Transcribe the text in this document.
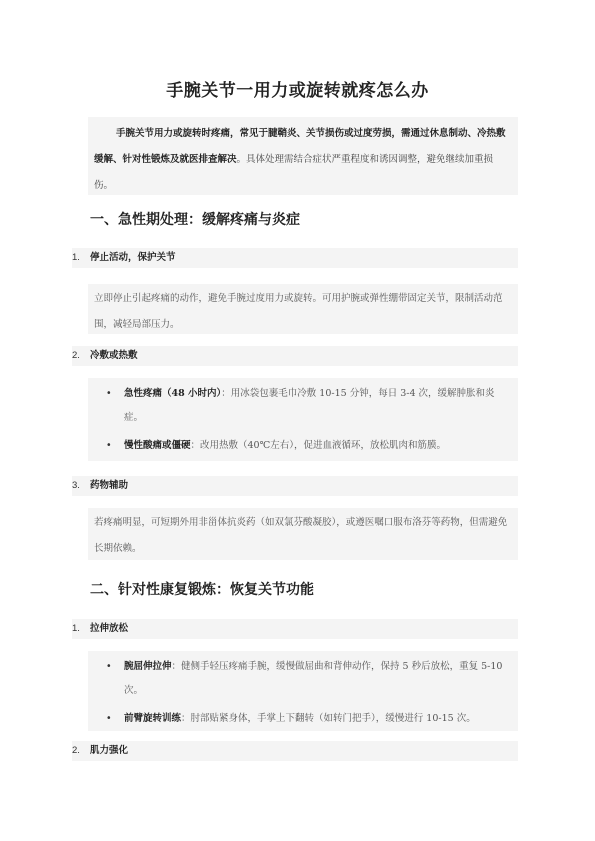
手腕关节一用力或旋转就疼怎么办
手腕关节用力或旋转时疼痛，常见于腱鞘炎、关节损伤或过度劳损，需通过休息制动、冷热敷缓解、针对性锻炼及就医排查解决。具体处理需结合症状严重程度和诱因调整，避免继续加重损伤。
一、急性期处理：缓解疼痛与炎症
1. 停止活动，保护关节
立即停止引起疼痛的动作，避免手腕过度用力或旋转。可用护腕或弹性绷带固定关节，限制活动范围，减轻局部压力。
2. 冷敷或热敷
• 急性疼痛（48 小时内）：用冰袋包裹毛巾冷敷 10-15 分钟，每日 3-4 次，缓解肿胀和炎症。
• 慢性酸痛或僵硬：改用热敷（40℃左右），促进血液循环，放松肌肉和筋膜。
3. 药物辅助
若疼痛明显，可短期外用非甾体抗炎药（如双氯芬酸凝胶），或遵医嘱口服布洛芬等药物，但需避免长期依赖。
二、针对性康复锻炼：恢复关节功能
1. 拉伸放松
• 腕屈伸拉伸：健侧手轻压疼痛手腕，缓慢做屈曲和背伸动作，保持 5 秒后放松，重复 5-10 次。
• 前臂旋转训练：肘部贴紧身体，手掌上下翻转（如转门把手），缓慢进行 10-15 次。
2. 肌力强化
